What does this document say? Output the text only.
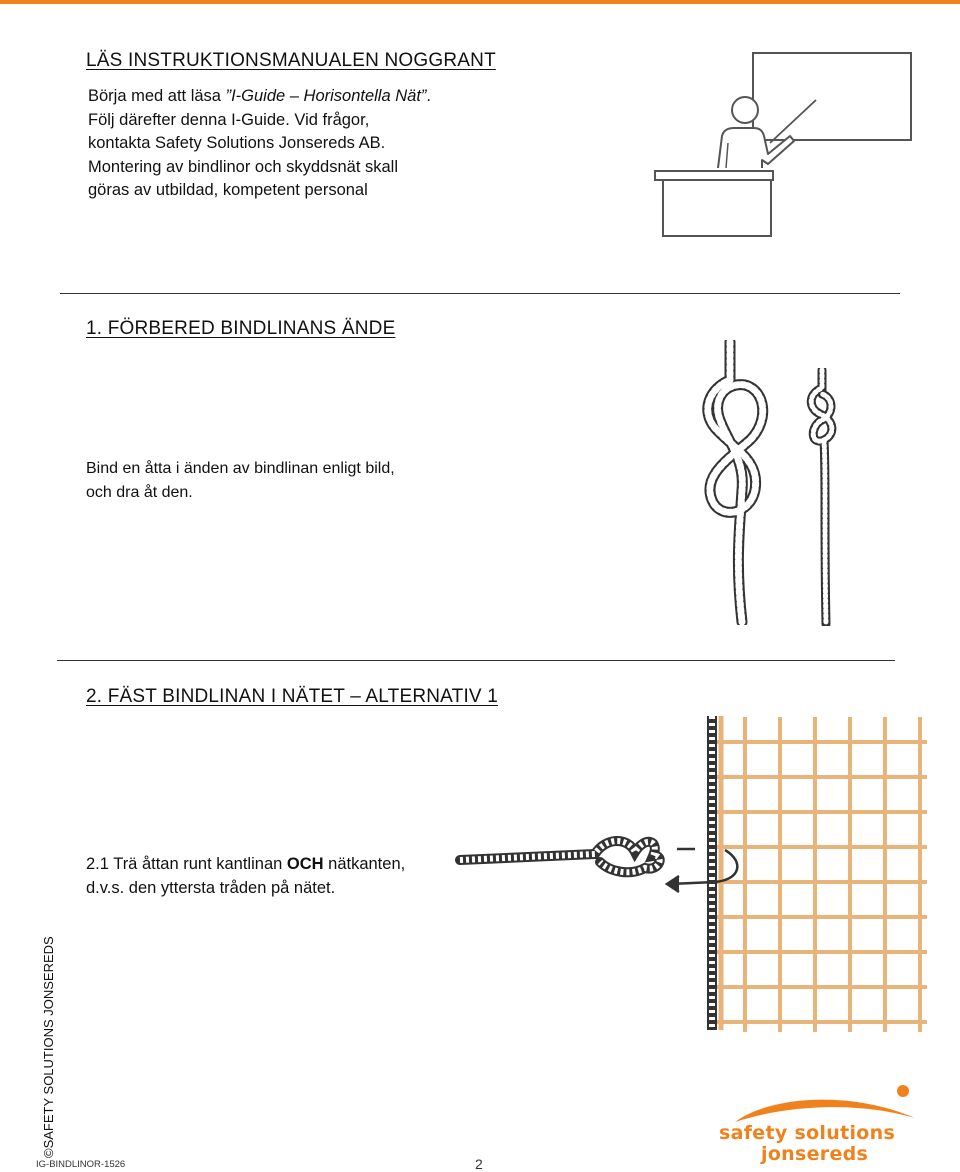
LÄS INSTRUKTIONSMANUALEN NOGGRANT
Börja med att läsa ”I-Guide – Horisontella Nät”.
Följ därefter denna I-Guide. Vid frågor,
kontakta Safety Solutions Jonsereds AB.
Montering av bindlinor och skyddsnät skall
göras av utbildad, kompetent personal
1. FÖRBERED BINDLINANS ÄNDE
Bind en åtta i änden av bindlinan enligt bild,
och dra åt den.
2. FÄST BINDLINAN I NÄTET – ALTERNATIV 1
2.1 Trä åttan runt kantlinan OCH nätkanten,
d.v.s. den yttersta tråden på nätet.
©SAFETY SOLUTIONS JONSEREDS
IG-BINDLINOR-1526	2
safety solutions
jonsereds
